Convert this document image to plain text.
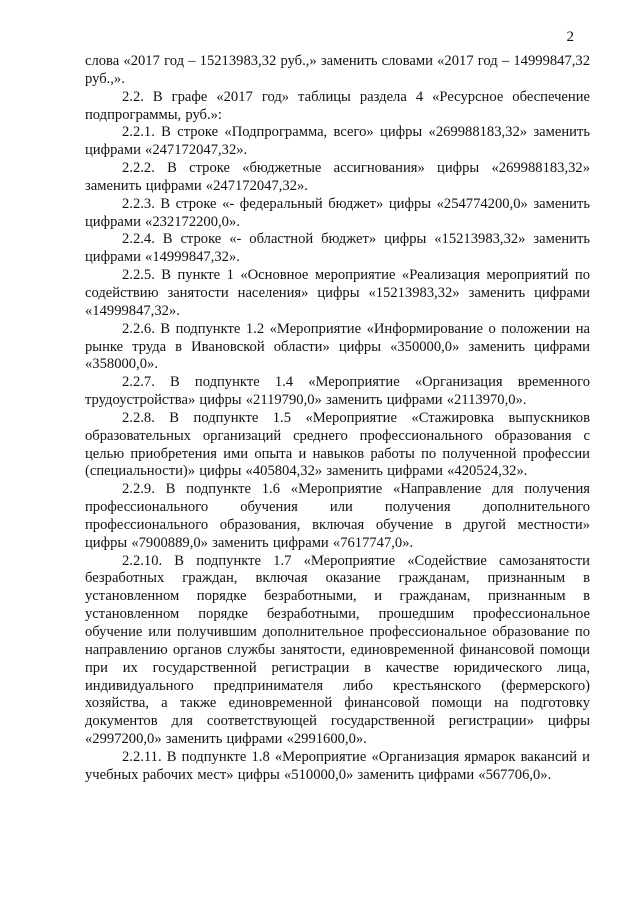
2

слова «2017 год – 15213983,32 руб.,» заменить словами «2017 год – 14999847,32 руб.,».

2.2. В графе «2017 год» таблицы раздела 4 «Ресурсное обеспечение подпрограммы, руб.»:

2.2.1. В строке «Подпрограмма, всего» цифры «269988183,32» заменить цифрами «247172047,32».

2.2.2. В строке «бюджетные ассигнования» цифры «269988183,32» заменить цифрами «247172047,32».

2.2.3. В строке «- федеральный бюджет» цифры «254774200,0» заменить цифрами «232172200,0».

2.2.4. В строке «- областной бюджет» цифры «15213983,32» заменить цифрами «14999847,32».

2.2.5. В пункте 1 «Основное мероприятие «Реализация мероприятий по содействию занятости населения» цифры «15213983,32» заменить цифрами «14999847,32».

2.2.6. В подпункте 1.2 «Мероприятие «Информирование о положении на рынке труда в Ивановской области» цифры «350000,0» заменить цифрами «358000,0».

2.2.7. В подпункте 1.4 «Мероприятие «Организация временного трудоустройства» цифры «2119790,0» заменить цифрами «2113970,0».

2.2.8. В подпункте 1.5 «Мероприятие «Стажировка выпускников образовательных организаций среднего профессионального образования с целью приобретения ими опыта и навыков работы по полученной профессии (специальности)» цифры «405804,32» заменить цифрами «420524,32».

2.2.9. В подпункте 1.6 «Мероприятие «Направление для получения профессионального обучения или получения дополнительного профессионального образования, включая обучение в другой местности» цифры «7900889,0» заменить цифрами «7617747,0».

2.2.10. В подпункте 1.7 «Мероприятие «Содействие самозанятости безработных граждан, включая оказание гражданам, признанным в установленном порядке безработными, и гражданам, признанным в установленном порядке безработными, прошедшим профессиональное обучение или получившим дополнительное профессиональное образование по направлению органов службы занятости, единовременной финансовой помощи при их государственной регистрации в качестве юридического лица, индивидуального предпринимателя либо крестьянского (фермерского) хозяйства, а также единовременной финансовой помощи на подготовку документов для соответствующей государственной регистрации» цифры «2997200,0» заменить цифрами «2991600,0».

2.2.11. В подпункте 1.8 «Мероприятие «Организация ярмарок вакансий и учебных рабочих мест» цифры «510000,0» заменить цифрами «567706,0».
